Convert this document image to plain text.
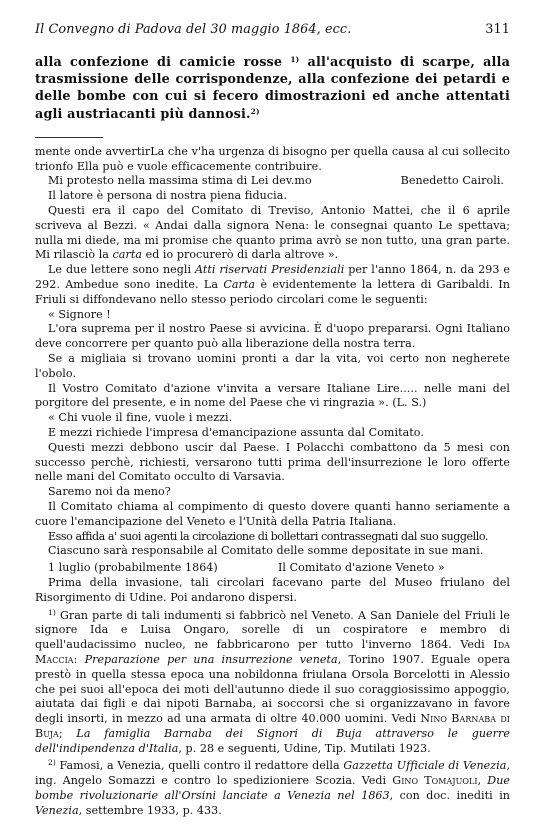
Il Convegno di Padova del 30 maggio 1864, ecc.	311

alla confezione di camicie rosse $^{1)}$ all'acquisto di scarpe, alla trasmissione delle corrispondenze, alla confezione dei petardi e delle bombe con cui si fecero dimostrazioni ed anche attentati agli austriacanti più dannosi.$^{2)}$

mente onde avvertirLa che v'ha urgenza di bisogno per quella causa al cui sollecito trionfo Ella può e vuole efficacemente contribuire.

Mi protesto nella massima stima di Lei dev.mo	Benedetto Cairoli.

Il latore è persona di nostra piena fiducia.

Questi era il capo del Comitato di Treviso, Antonio Mattei, che il 6 aprile scriveva al Bezzi. « Andai dalla signora Nena: le consegnai quanto Le spettava; nulla mi diede, ma mi promise che quanto prima avrò se non tutto, una gran parte. Mi rilasciò la carta ed io procurerò di darla altrove ».

Le due lettere sono negli Atti riservati Presidenziali per l'anno 1864, n. da 293 e 292. Ambedue sono inedite. La Carta è evidentemente la lettera di Garibaldi. In Friuli si diffondevano nello stesso periodo circolari come le seguenti:

« Signore !

L'ora suprema per il nostro Paese si avvicina. È d'uopo prepararsi. Ogni Italiano deve concorrere per quanto può alla liberazione della nostra terra.

Se a migliaia si trovano uomini pronti a dar la vita, voi certo non negherete l'obolo.

Il Vostro Comitato d'azione v'invita a versare Italiane Lire..... nelle mani del porgitore del presente, e in nome del Paese che vi ringrazia ». (L. S.)

« Chi vuole il fine, vuole i mezzi.

E mezzi richiede l'impresa d'emancipazione assunta dal Comitato.

Questi mezzi debbono uscir dal Paese. I Polacchi combattono da 5 mesi con successo perchè, richiesti, versarono tutti prima dell'insurrezione le loro offerte nelle mani del Comitato occulto di Varsavia.

Saremo noi da meno?

Il Comitato chiama al compimento di questo dovere quanti hanno seriamente a cuore l'emancipazione del Veneto e l'Unità della Patria Italiana.

Esso affida a' suoi agenti la circolazione di bollettari contrassegnati dal suo suggello.

Ciascuno sarà responsabile al Comitato delle somme depositate in sue mani.

1 luglio (probabilmente 1864)	Il Comitato d'azione Veneto »

Prima della invasione, tali circolari facevano parte del Museo friulano del Risorgimento di Udine. Poi andarono dispersi.

$^{1)}$ Gran parte di tali indumenti si fabbricò nel Veneto. A San Daniele del Friuli le signore Ida e Luisa Ongaro, sorelle di un cospiratore e membro di quell'audacissimo nucleo, ne fabbricarono per tutto l'inverno 1864. Vedi Ida Maccia: Preparazione per una insurrezione veneta, Torino 1907. Eguale opera prestò in quella stessa epoca una nobildonna friulana Orsola Borcelotti in Alessio che pei suoi all'epoca dei moti dell'autunno diede il suo coraggiosissimo appoggio, aiutata dai figli e dai nipoti Barnaba, ai soccorsi che si organizzavano in favore degli insorti, in mezzo ad una armata di oltre 40.000 uomini. Vedi Nino Barnaba di Buja; La famiglia Barnaba dei Signori di Buja attraverso le guerre dell'indipendenza d'Italia, p. 28 e seguenti, Udine, Tip. Mutilati 1923.

$^{2)}$ Famosi, a Venezia, quelli contro il redattore della Gazzetta Ufficiale di Venezia, ing. Angelo Somazzi e contro lo spedizioniere Scozia. Vedi Gino Tomajuoli, Due bombe rivoluzionarie all'Orsini lanciate a Venezia nel 1863, con doc. inediti in Venezia, settembre 1933, p. 433.
